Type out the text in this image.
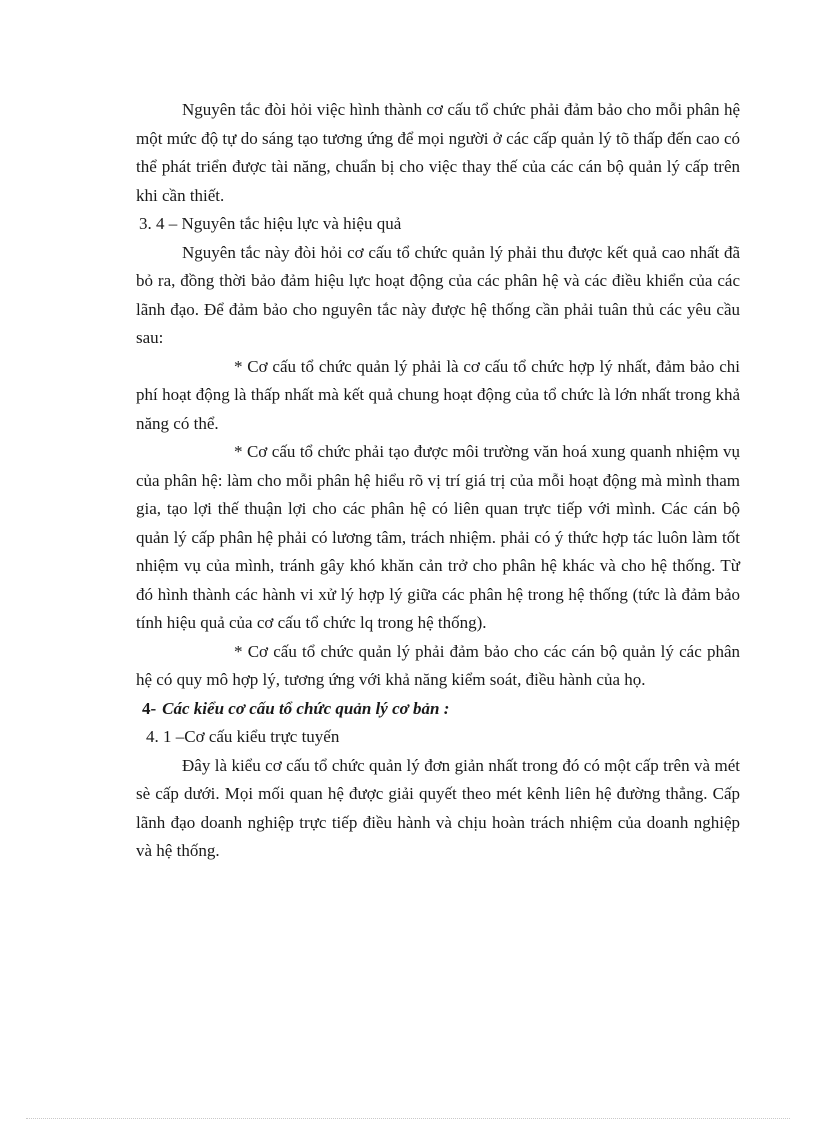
Nguyên tắc đòi hỏi việc hình thành cơ cấu tổ chức phải đảm bảo cho mỗi phân hệ một mức độ tự do sáng tạo tương ứng để mọi người ở các cấp quản lý tõ thấp đến cao có thể phát triển được tài năng, chuẩn bị cho việc thay thế của các cán bộ quản lý cấp trên khi cần thiết.

3. 4 – Nguyên tắc hiệu lực và hiệu quả

Nguyên tắc này đòi hỏi cơ cấu tổ chức quản lý phải thu được kết quả cao nhất đã bỏ ra, đồng thời bảo đảm hiệu lực hoạt động của các phân hệ và các điều khiển của các lãnh đạo. Để đảm bảo cho nguyên tắc này được hệ thống cần phải tuân thủ các yêu cầu sau:

* Cơ cấu tổ chức quản lý phải là cơ cấu tổ chức hợp lý nhất, đảm bảo chi phí hoạt động là thấp nhất mà kết quả chung hoạt động của tổ chức là lớn nhất trong khả năng có thể.

* Cơ cấu tổ chức phải tạo được môi trường văn hoá xung quanh nhiệm vụ của phân hệ: làm cho mỗi phân hệ hiểu rõ vị trí giá trị của mỗi hoạt động mà mình tham gia, tạo lợi thế thuận lợi cho các phân hệ có liên quan trực tiếp với mình. Các cán bộ quản lý cấp phân hệ phải có lương tâm, trách nhiệm. phải có ý thức hợp tác luôn làm tốt nhiệm vụ của mình, tránh gây khó khăn cản trở cho phân hệ khác và cho hệ thống. Từ đó hình thành các hành vi xử lý hợp lý giữa các phân hệ trong hệ thống (tức là đảm bảo tính hiệu quả của cơ cấu tổ chức lq trong hệ thống).

* Cơ cấu tổ chức quản lý phải đảm bảo cho các cán bộ quản lý các phân hệ có quy mô hợp lý, tương ứng với khả năng kiểm soát, điều hành của họ.

4- Các kiểu cơ cấu tổ chức quản lý cơ bản :

4. 1 –Cơ cấu kiểu trực tuyến

Đây là kiểu cơ cấu tổ chức quản lý đơn giản nhất trong đó có một cấp trên và mét sè cấp dưới. Mọi mối quan hệ được giải quyết theo mét kênh liên hệ đường thẳng. Cấp lãnh đạo doanh nghiệp trực tiếp điều hành và chịu hoàn trách nhiệm của doanh nghiệp và hệ thống.
